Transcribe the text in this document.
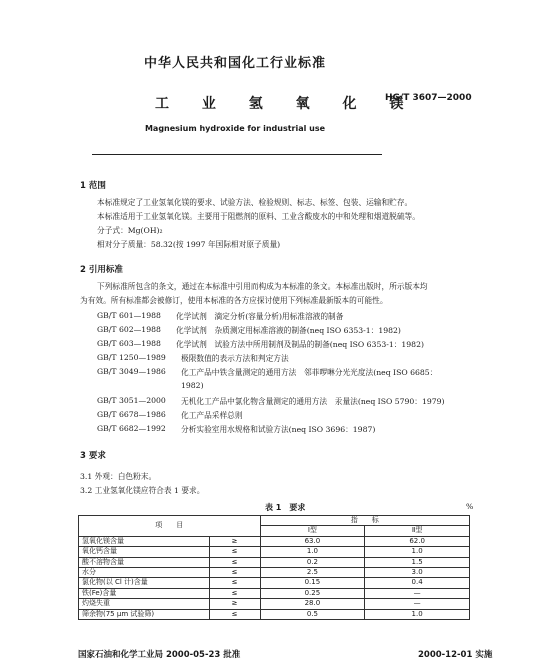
中华人民共和国化工行业标准
工 业 氢 氧 化 镁
HG/T 3607—2000
Magnesium hydroxide for industrial use
1 范围
本标准规定了工业氢氧化镁的要求、试验方法、检验规则、标志、标签、包装、运输和贮存。
本标准适用于工业氢氧化镁。主要用于阻燃剂的原料、工业含酸废水的中和处理和烟道脱硫等。
分子式：Mg(OH)₂
相对分子质量：58.32(按 1997 年国际相对原子质量)
2 引用标准
下列标准所包含的条文，通过在本标准中引用而构成为本标准的条文。本标准出版时，所示版本均
为有效。所有标准都会被修订，使用本标准的各方应探讨使用下列标准最新版本的可能性。
GB/T 601—1988 化学试剂　滴定分析(容量分析)用标准溶液的制备
GB/T 602—1988 化学试剂　杂质测定用标准溶液的制备(neq ISO 6353-1：1982)
GB/T 603—1988 化学试剂　试验方法中所用制剂及制品的制备(neq ISO 6353-1：1982)
GB/T 1250—1989 极限数值的表示方法和判定方法
GB/T 3049—1986 化工产品中铁含量测定的通用方法　邻菲啰啉分光光度法(neq ISO 6685：
1982)
GB/T 3051—2000 无机化工产品中氯化物含量测定的通用方法　汞量法(neq ISO 5790：1979)
GB/T 6678—1986 化工产品采样总则
GB/T 6682—1992 分析实验室用水规格和试验方法(neq ISO 3696：1987)
3 要求
3.1 外观：白色粉末。
3.2 工业氢氧化镁应符合表 1 要求。
表 1　要求	%
项　　目		指　　标	
		Ⅰ型	Ⅱ型
氢氧化镁含量	≥	63.0	62.0
氧化钙含量	≤	1.0	1.0
酸不溶物含量	≤	0.2	1.5
水分	≤	2.5	3.0
氯化物(以 Cl 计)含量	≤	0.15	0.4
铁(Fe)含量	≤	0.25	—
灼烧失重	≥	28.0	—
筛余物(75 μm 试验筛)	≤	0.5	1.0
国家石油和化学工业局 2000-05-23 批准	2000-12-01 实施
